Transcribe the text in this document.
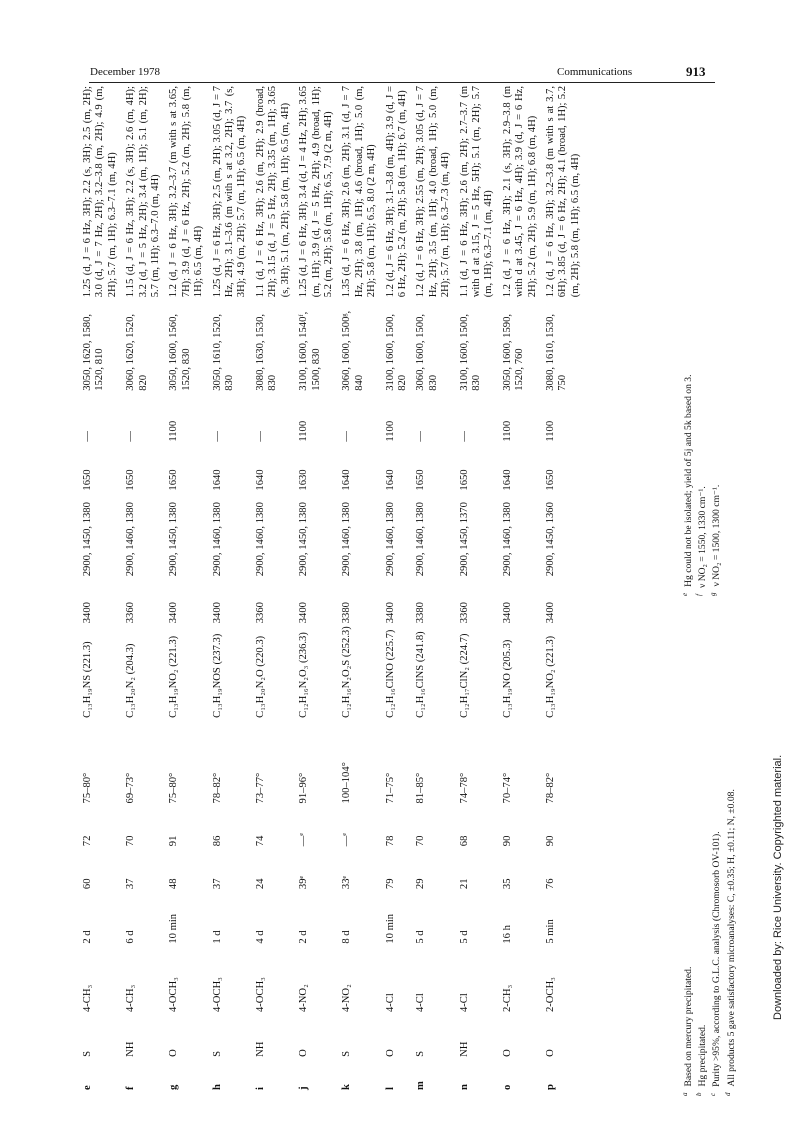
December 1978	Communications	913
e	S	4-CH₃	2 d	60	72	75–80°	C₁₃H₁₉NS (221.3)	3400	2900, 1450, 1380	1650	—	3050, 1620, 1580, 1520, 810	1.25 (d, J = 6 Hz, 3H); 2.2 (s, 3H); 2.5 (m, 2H); 3.0 (d, J = 7 Hz, 2H); 3.2–3.8 (m, 2H); 4.9 (m, 2H); 5.7 (m, 1H); 6.3–7.1 (m, 4H)
f	NH	4-CH₃	6 d	37	70	69–73°	C₁₃H₂₀N₂ (204.3)	3360	2900, 1460, 1380	1650	—	3060, 1620, 1520, 820	1.15 (d, J = 6 Hz, 3H); 2.2 (s, 3H); 2.6 (m, 4H); 3.2 (d, J = 5 Hz, 2H); 3.4 (m, 1H); 5.1 (m, 2H); 5.7 (m, 1H); 6.3–7.0 (m, 4H)
g	O	4-OCH₃	10 min	48	91	75–80°	C₁₃H₁₉NO₂ (221.3)	3400	2900, 1450, 1380	1650	1100	3050, 1600, 1560, 1520, 830	1.2 (d, J = 6 Hz, 3H); 3.2–3.7 (m with s at 3.65, 7H); 3.9 (d, J = 6 Hz, 2H); 5.2 (m, 2H); 5.8 (m, 1H); 6.5 (m, 4H)
h	S	4-OCH₃	1 d	37	86	78–82°	C₁₃H₁₉NOS (237.3)	3400	2900, 1460, 1380	1640	—	3050, 1610, 1520, 830	1.25 (d, J = 6 Hz, 3H); 2.5 (m, 2H); 3.05 (d, J = 7 Hz, 2H); 3.1–3.6 (m with s at 3.2, 2H); 3.7 (s, 3H); 4.9 (m, 2H); 5.7 (m, 1H); 6.5 (m, 4H)
i	NH	4-OCH₃	4 d	24	74	73–77°	C₁₃H₂₀N₂O (220.3)	3360	2900, 1460, 1380	1640	—	3080, 1630, 1530, 830	1.1 (d, J = 6 Hz, 3H); 2.6 (m, 2H); 2.9 (broad, 2H); 3.15 (d, J = 5 Hz, 2H); 3.35 (m, 1H); 3.65 (s, 3H); 5.1 (m, 2H); 5.8 (m, 1H); 6.5 (m, 4H)
j	O	4-NO₂	2 d	39ᵉ	—ᵉ	91–96°	C₁₂H₁₆N₂O₃ (236.3)	3400	2900, 1450, 1380	1630	1100	3100, 1600, 1540ᶠ, 1500, 830	1.25 (d, J = 6 Hz, 3H); 3.4 (d, J = 4 Hz, 2H); 3.65 (m, 1H); 3.9 (d, J = 5 Hz, 2H); 4.9 (broad, 1H); 5.2 (m, 2H); 5.8 (m, 1H); 6.5, 7.9 (2 m, 4H)
k	S	4-NO₂	8 d	33ᵉ	—ᵉ	100–104°	C₁₂H₁₆N₂O₂S (252.3)	3380	2900, 1460, 1380	1640	—	3060, 1600, 1500ᵍ, 840	1.35 (d, J = 6 Hz, 3H); 2.6 (m, 2H); 3.1 (d, J = 7 Hz, 2H); 3.8 (m, 1H); 4.6 (broad, 1H); 5.0 (m, 2H); 5.8 (m, 1H); 6.5, 8.0 (2 m, 4H)
l	O	4-Cl	10 min	79	78	71–75°	C₁₂H₁₆ClNO (225.7)	3400	2900, 1460, 1380	1640	1100	3100, 1600, 1500, 820	1.2 (d, J = 6 Hz, 3H); 3.1–3.8 (m, 4H); 3.9 (d, J = 6 Hz, 2H); 5.2 (m, 2H); 5.8 (m, 1H); 6.7 (m, 4H)
m	S	4-Cl	5 d	29	70	81–85°	C₁₂H₁₆ClNS (241.8)	3380	2900, 1460, 1380	1650	—	3060, 1600, 1500, 830	1.2 (d, J = 6 Hz, 3H); 2.55 (m, 2H); 3.05 (d, J = 7 Hz, 2H); 3.5 (m, 1H); 4.0 (broad, 1H); 5.0 (m, 2H); 5.7 (m, 1H); 6.3–7.3 (m, 4H)
n	NH	4-Cl	5 d	21	68	74–78°	C₁₂H₁₇ClN₂ (224.7)	3360	2900, 1450, 1370	1650	—	3100, 1600, 1500, 830	1.1 (d, J = 6 Hz, 3H); 2.6 (m, 2H); 2.7–3.7 (m with d at 3.15, J = 5 Hz, 5H); 5.1 (m, 2H); 5.7 (m, 1H); 6.3–7.1 (m, 4H)
o	O	2-CH₃	16 h	35	90	70–74°	C₁₃H₁₉NO (205.3)	3400	2900, 1460, 1380	1640	1100	3050, 1600, 1590, 1520, 760	1.2 (d, J = 6 Hz, 3H); 2.1 (s, 3H); 2.9–3.8 (m with d at 3.45, J = 6 Hz, 4H); 3.9 (d, J = 6 Hz, 2H); 5.2 (m, 2H); 5.9 (m, 1H); 6.8 (m, 4H)
p	O	2-OCH₃	5 min	76	90	78–82°	C₁₃H₁₉NO₂ (221.3)	3400	2900, 1450, 1360	1650	1100	3080, 1610, 1530, 750	1.2 (d, J = 6 Hz, 3H); 3.2–3.8 (m with s at 3.7, 6H); 3.85 (d, J = 6 Hz, 2H); 4.1 (broad, 1H); 5.2 (m, 2H); 5.8 (m, 1H); 6.5 (m, 4H)
$^a$Based on mercury precipitated.
$^b$Hg precipitated.
$^c$Purity >95%, according to G.L.C. analysis (Chromosorb OV-101).
$^d$All products 5 gave satisfactory microanalyses: C, ±0.35; H, ±0.11; N, ±0.08.
$^e$Hg could not be isolated; yield of 5j and 5k based on 3.
$^f$ν NO₂ = 1550, 1330 cm⁻¹.
$^g$ν NO₂ = 1500, 1300 cm⁻¹.
Downloaded by: Rice University. Copyrighted material.
